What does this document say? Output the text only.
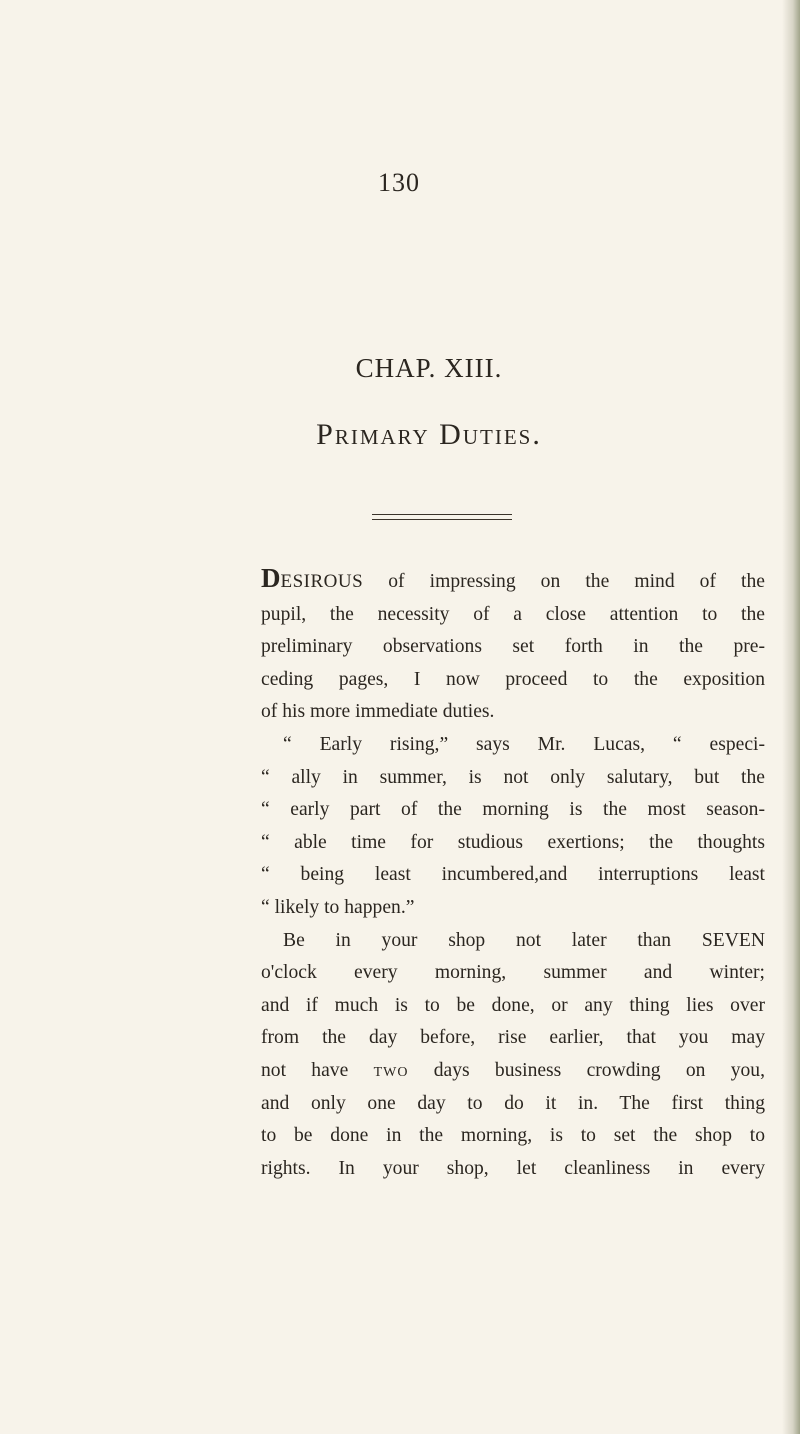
130
CHAP. XIII.
Primary Duties.
DESIROUS of impressing on the mind of the
pupil, the necessity of a close attention to the
preliminary observations set forth in the pre-
ceding pages, I now proceed to the exposition
of his more immediate duties.
“ Early rising,” says Mr. Lucas, “ especi-
“ ally in summer, is not only salutary, but the
“ early part of the morning is the most season-
“ able time for studious exertions; the thoughts
“ being least incumbered,and interruptions least
“ likely to happen.”
Be in your shop not later than SEVEN
o'clock every morning, summer and winter;
and if much is to be done, or any thing lies over
from the day before, rise earlier, that you may
not have two days business crowding on you,
and only one day to do it in. The first thing
to be done in the morning, is to set the shop to
rights. In your shop, let cleanliness in every
